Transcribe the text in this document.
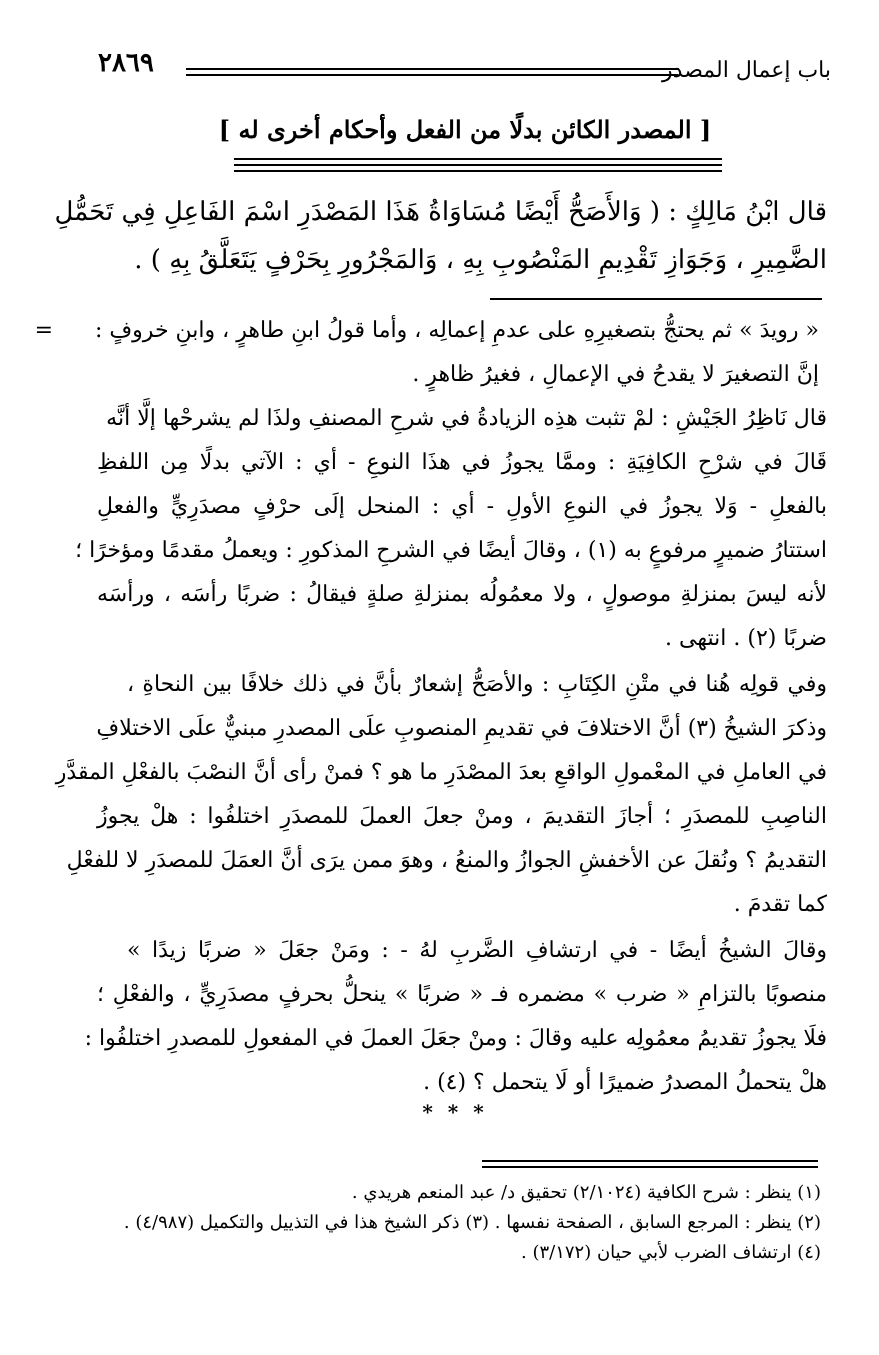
٢٨٦٩	باب إعمال المصدر
[ المصدر الكائن بدلًا من الفعل وأحكام أخرى له ]
قال ابْنُ مَالِكٍ : ( وَالأَصَحُّ أَيْضًا مُسَاوَاةُ هَذَا المَصْدَرِ اسْمَ الفَاعِلِ فِي تَحَمُّلِ
الضَّمِيرِ ، وَجَوَازِ تَقْدِيمِ المَنْصُوبِ بِهِ ، وَالمَجْرُورِ بِحَرْفٍ يَتَعَلَّقُ بِهِ ) .
= « رويدَ » ثم يحتجُّ بتصغيرِهِ على عدمِ إعمالِه ، وأما قولُ ابنِ طاهرٍ ، وابنِ خروفٍ :
إنَّ التصغيرَ لا يقدحُ في الإعمالِ ، فغيرُ ظاهرٍ .
قال نَاظِرُ الجَيْشِ : لمْ تثبت هذِه الزيادةُ في شرحِ المصنفِ ولذَا لم يشرحْها إلَّا أنَّه
قَالَ في شرْحِ الكافِيَةِ : وممَّا يجوزُ في هذَا النوعِ - أي : الآتي بدلًا مِن اللفظِ
بالفعلِ - وَلا يجوزُ في النوعِ الأولِ - أي : المنحل إلَى حرْفٍ مصدَرِيٍّ والفعلِ
استتارُ ضميرٍ مرفوعٍ به (١) ، وقالَ أيضًا في الشرحِ المذكورِ : ويعملُ مقدمًا ومؤخرًا ؛
لأنه ليسَ بمنزلةِ موصولٍ ، ولا معمُولُه بمنزلةِ صلةٍ فيقالُ : ضربًا رأسَه ، ورأسَه
ضربًا (٢) . انتهى .
وفي قولِه هُنا في متْنِ الكِتَابِ : والأصَحُّ إشعارٌ بأنَّ في ذلك خلافًا بين النحاةِ ،
وذكرَ الشيخُ (٣) أنَّ الاختلافَ في تقديمِ المنصوبِ علَى المصدرِ مبنيٌّ علَى الاختلافِ
في العاملِ في المعْمولِ الواقعِ بعدَ المصْدَرِ ما هو ؟ فمنْ رأى أنَّ النصْبَ بالفعْلِ المقدَّرِ
الناصِبِ للمصدَرِ ؛ أجازَ التقديمَ ، ومنْ جعلَ العملَ للمصدَرِ اختلفُوا : هلْ يجوزُ
التقديمُ ؟ ونُقلَ عن الأخفشِ الجوازُ والمنعُ ، وهوَ ممن يرَى أنَّ العمَلَ للمصدَرِ لا للفعْلِ
كما تقدمَ .
وقالَ الشيخُ أيضًا - في ارتشافِ الضَّربِ لهُ - : ومَنْ جعَلَ « ضربًا زيدًا »
منصوبًا بالتزامِ « ضرب » مضمره فـ « ضربًا » ينحلُّ بحرفٍ مصدَرِيٍّ ، والفعْلِ ؛
فلَا يجوزُ تقديمُ معمُولِه عليه وقالَ : ومنْ جعَلَ العملَ في المفعولِ للمصدرِ اختلفُوا :
هلْ يتحملُ المصدرُ ضميرًا أو لَا يتحمل ؟ (٤) .
* * *
(١) ينظر : شرح الكافية (٢/١٠٢٤) تحقيق د/ عبد المنعم هريدي .
(٢) ينظر : المرجع السابق ، الصفحة نفسها . (٣) ذكر الشيخ هذا في التذييل والتكميل (٤/٩٨٧) .
(٤) ارتشاف الضرب لأبي حيان (٣/١٧٢) .
